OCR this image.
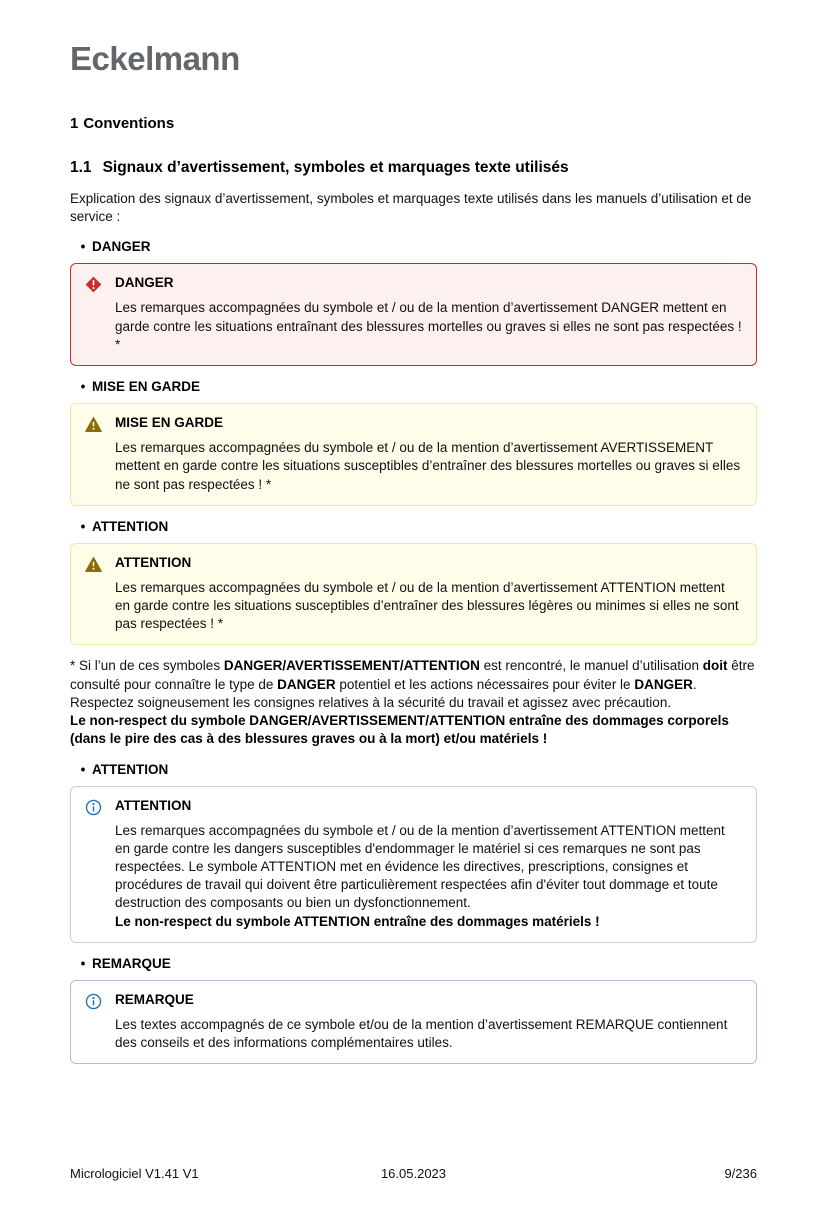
Eckelmann
1 Conventions
1.1 Signaux d’avertissement, symboles et marquages texte utilisés

Explication des signaux d’avertissement, symboles et marquages texte utilisés dans les manuels d’utilisation et de service :

• DANGER
DANGER
Les remarques accompagnées du symbole et / ou de la mention d’avertissement DANGER mettent en garde contre les situations entraînant des blessures mortelles ou graves si elles ne sont pas respectées ! *
• MISE EN GARDE
MISE EN GARDE
Les remarques accompagnées du symbole et / ou de la mention d’avertissement AVERTISSEMENT mettent en garde contre les situations susceptibles d’entraîner des blessures mortelles ou graves si elles ne sont pas respectées ! *
• ATTENTION
ATTENTION
Les remarques accompagnées du symbole et / ou de la mention d’avertissement ATTENTION mettent en garde contre les situations susceptibles d’entraîner des blessures légères ou minimes si elles ne sont pas respectées ! *
* Si l’un de ces symboles DANGER/AVERTISSEMENT/ATTENTION est rencontré, le manuel d’utilisation doit être consulté pour connaître le type de DANGER potentiel et les actions nécessaires pour éviter le DANGER. Respectez soigneusement les consignes relatives à la sécurité du travail et agissez avec précaution.
Le non-respect du symbole DANGER/AVERTISSEMENT/ATTENTION entraîne des dommages corporels (dans le pire des cas à des blessures graves ou à la mort) et/ou matériels !
• ATTENTION
ATTENTION
Les remarques accompagnées du symbole et / ou de la mention d’avertissement ATTENTION mettent en garde contre les dangers susceptibles d'endommager le matériel si ces remarques ne sont pas respectées. Le symbole ATTENTION met en évidence les directives, prescriptions, consignes et procédures de travail qui doivent être particulièrement respectées afin d'éviter tout dommage et toute destruction des composants ou bien un dysfonctionnement.
Le non-respect du symbole ATTENTION entraîne des dommages matériels !
• REMARQUE
REMARQUE
Les textes accompagnés de ce symbole et/ou de la mention d’avertissement REMARQUE contiennent des conseils et des informations complémentaires utiles.
16.05.2023
Micrologiciel V1.41 V1	9/236
